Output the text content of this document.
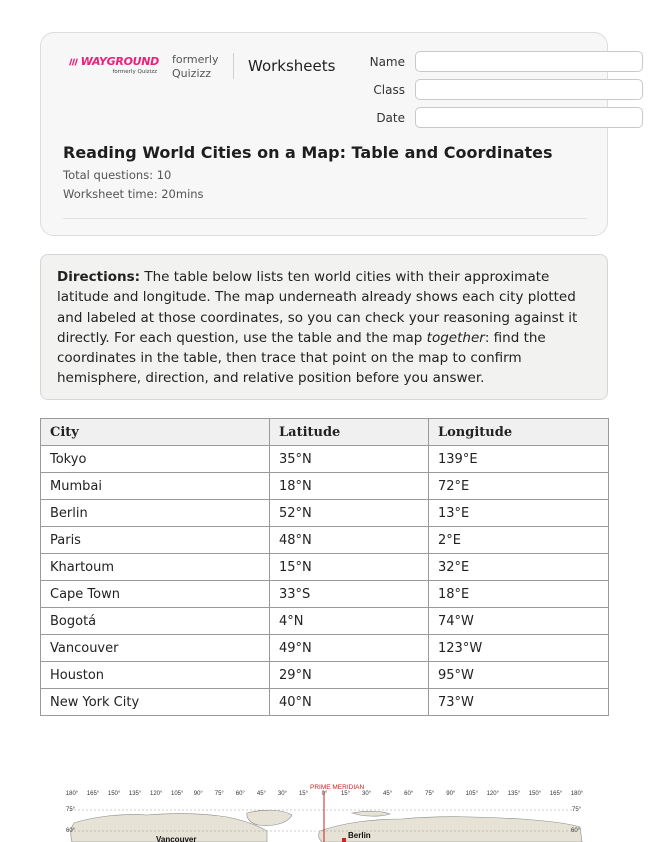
WAYGROUND
formerly Quizizz
formerly
Quizizz	Worksheets	Name
Class
Date
Reading World Cities on a Map: Table and Coordinates
Total questions: 10
Worksheet time: 20mins
Directions: The table below lists ten world cities with their approximate latitude and longitude. The map underneath already shows each city plotted and labeled at those coordinates, so you can check your reasoning against it directly. For each question, use the table and the map together: find the coordinates in the table, then trace that point on the map to confirm hemisphere, direction, and relative position before you answer.
City	Latitude	Longitude
Tokyo	35°N	139°E
Mumbai	18°N	72°E
Berlin	52°N	13°E
Paris	48°N	2°E
Khartoum	15°N	32°E
Cape Town	33°S	18°E
Bogotá	4°N	74°W
Vancouver	49°N	123°W
Houston	29°N	95°W
New York City	40°N	73°W
PRIME MERIDIAN
180° 165° 150° 135° 120° 105° 90° 75° 60° 45° 30° 15° 0° 15° 30° 45° 60° 75° 90° 105° 120° 135° 150° 165° 180°
75°
60°
75°
60°
Berlin
Vancouver
